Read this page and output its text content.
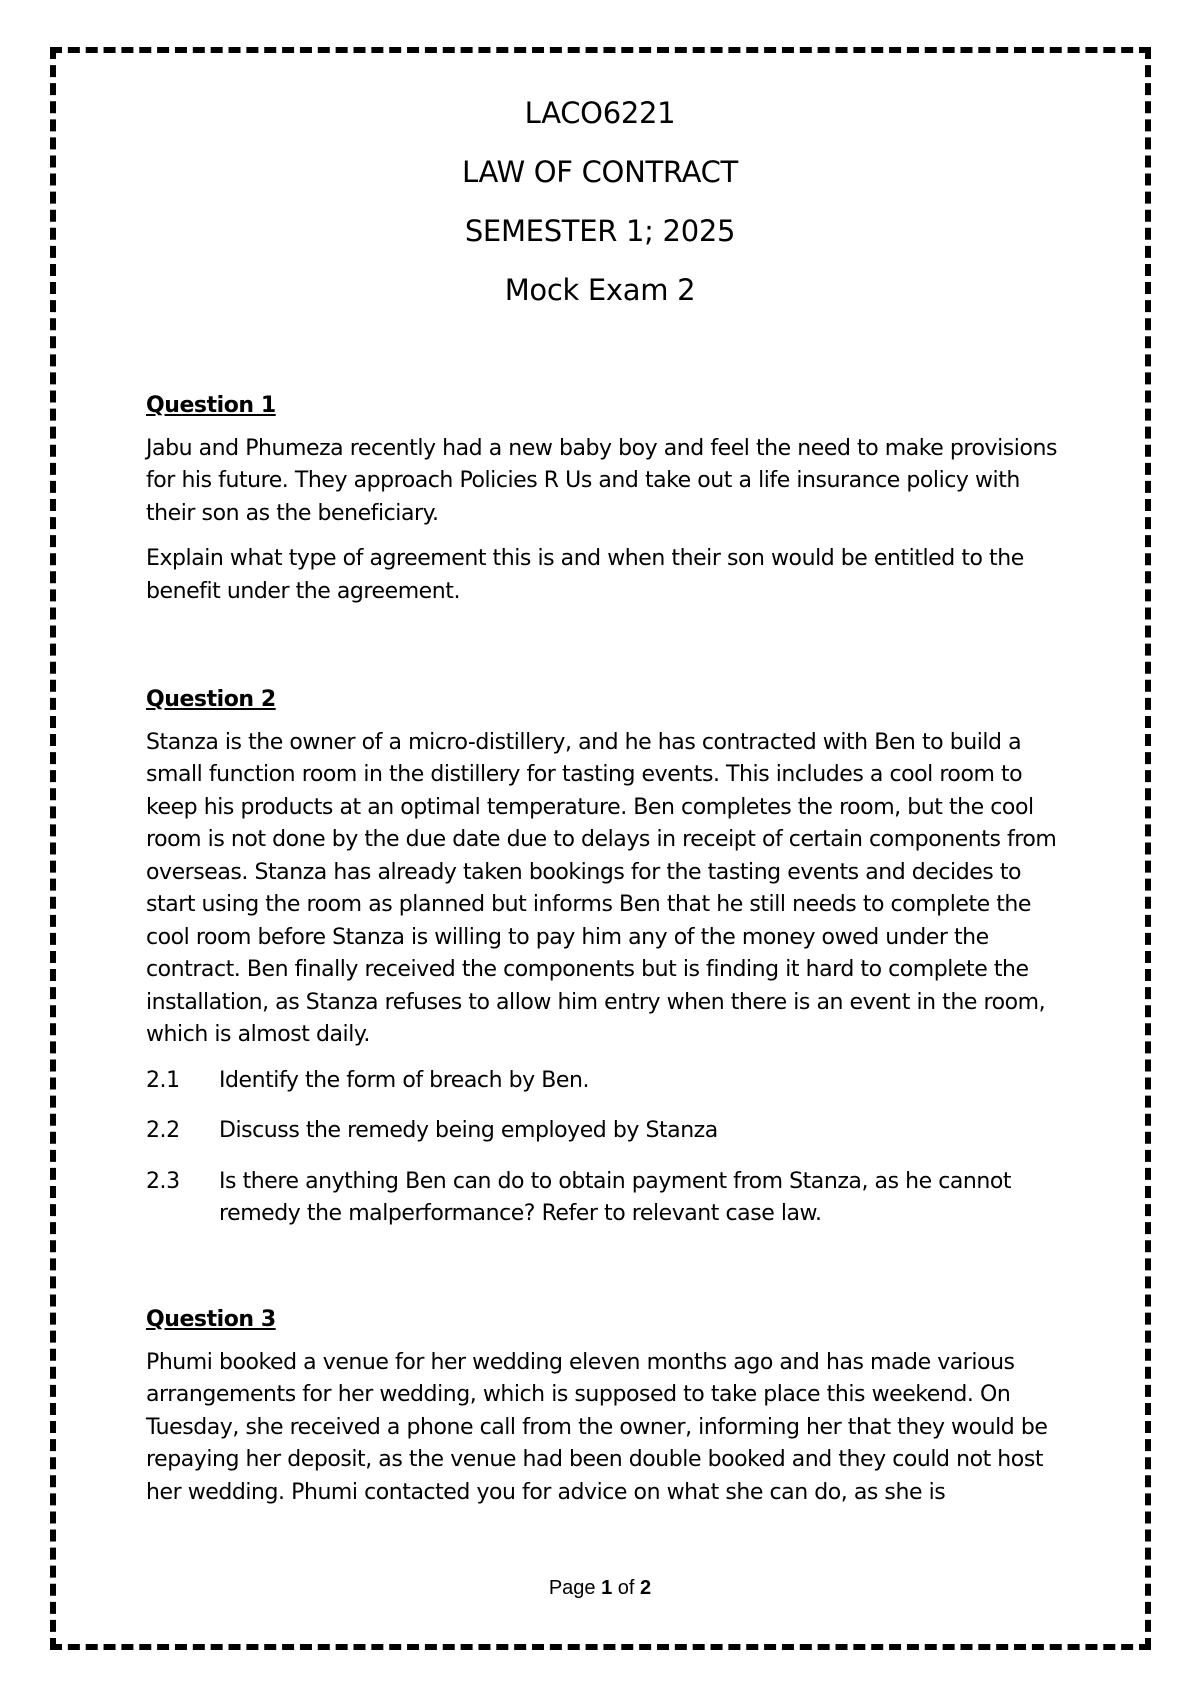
LACO6221
LAW OF CONTRACT
SEMESTER 1; 2025
Mock Exam 2
Question 1

Jabu and Phumeza recently had a new baby boy and feel the need to make provisions for his future. They approach Policies R Us and take out a life insurance policy with their son as the beneficiary.

Explain what type of agreement this is and when their son would be entitled to the benefit under the agreement.

Question 2

Stanza is the owner of a micro-distillery, and he has contracted with Ben to build a small function room in the distillery for tasting events. This includes a cool room to keep his products at an optimal temperature. Ben completes the room, but the cool room is not done by the due date due to delays in receipt of certain components from overseas. Stanza has already taken bookings for the tasting events and decides to start using the room as planned but informs Ben that he still needs to complete the cool room before Stanza is willing to pay him any of the money owed under the contract. Ben finally received the components but is finding it hard to complete the installation, as Stanza refuses to allow him entry when there is an event in the room, which is almost daily.

2.1	Identify the form of breach by Ben.
2.2	Discuss the remedy being employed by Stanza
2.3	Is there anything Ben can do to obtain payment from Stanza, as he cannot remedy the malperformance? Refer to relevant case law.
Question 3

Phumi booked a venue for her wedding eleven months ago and has made various arrangements for her wedding, which is supposed to take place this weekend. On Tuesday, she received a phone call from the owner, informing her that they would be repaying her deposit, as the venue had been double booked and they could not host her wedding. Phumi contacted you for advice on what she can do, as she is

Page 1 of 2
